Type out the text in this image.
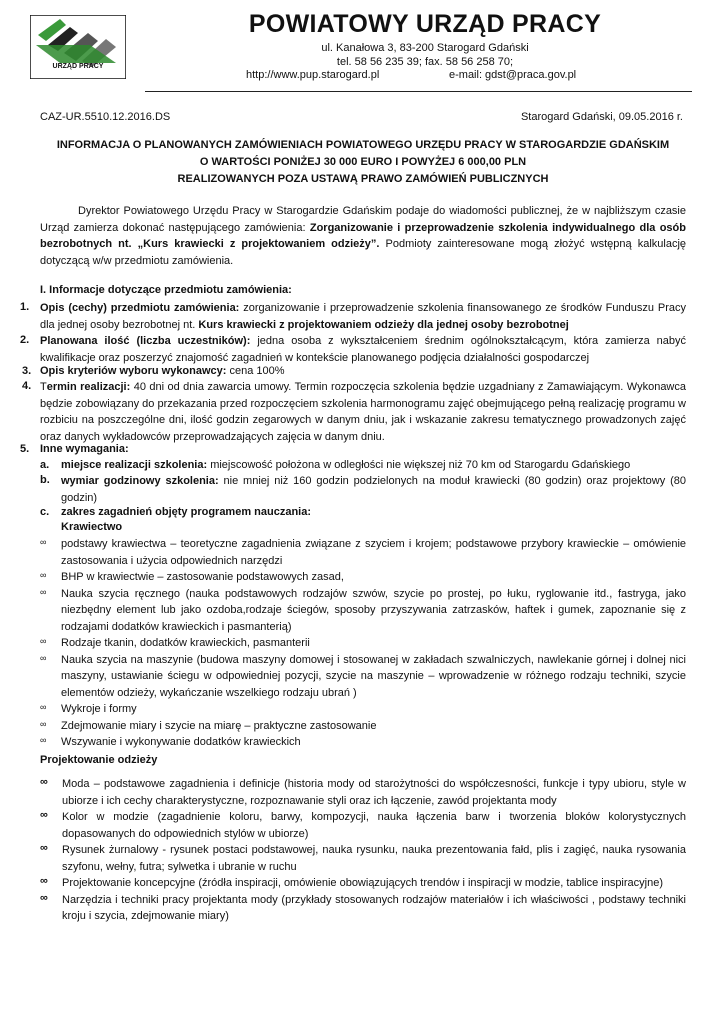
URZĄD PRACY
POWIATOWY URZĄD PRACY
ul. Kanałowa 3, 83-200 Starogard Gdański
tel. 58 56 235 39; fax. 58 56 258 70;
http://www.pup.starogard.pl	e-mail: gdst@praca.gov.pl
CAZ-UR.5510.12.2016.DS	Starogard Gdański, 09.05.2016 r.
INFORMACJA O PLANOWANYCH ZAMÓWIENIACH POWIATOWEGO URZĘDU PRACY W STAROGARDZIE GDAŃSKIM
O WARTOŚCI PONIŻEJ 30 000 EURO I POWYŻEJ 6 000,00 PLN
REALIZOWANYCH POZA USTAWĄ PRAWO ZAMÓWIEŃ PUBLICZNYCH
Dyrektor Powiatowego Urzędu Pracy w Starogardzie Gdańskim podaje do wiadomości publicznej, że w najbliższym czasie Urząd zamierza dokonać następującego zamówienia: Zorganizowanie i przeprowadzenie szkolenia indywidualnego dla osób bezrobotnych nt. „Kurs krawiecki z projektowaniem odzieży”. Podmioty zainteresowane mogą złożyć wstępną kalkulację dotyczącą w/w przedmiotu zamówienia.
I. Informacje dotyczące przedmiotu zamówienia:
1. Opis (cechy) przedmiotu zamówienia: zorganizowanie i przeprowadzenie szkolenia finansowanego ze środków Funduszu Pracy dla jednej osoby bezrobotnej nt. Kurs krawiecki z projektowaniem odzieży dla jednej osoby bezrobotnej
2. Planowana ilość (liczba uczestników): jedna osoba z wykształceniem średnim ogólnokształcącym, która zamierza nabyć kwalifikacje oraz poszerzyć znajomość zagadnień w kontekście planowanego podjęcia działalności gospodarczej
3. Opis kryteriów wyboru wykonawcy: cena 100%
4. Termin realizacji: 40 dni od dnia zawarcia umowy. Termin rozpoczęcia szkolenia będzie uzgadniany z Zamawiającym. Wykonawca będzie zobowiązany do przekazania przed rozpoczęciem szkolenia harmonogramu zajęć obejmującego pełną realizację programu w rozbiciu na poszczególne dni, ilość godzin zegarowych w danym dniu, jak i wskazanie zakresu tematycznego prowadzonych zajęć oraz danych wykładowców przeprowadzających zajęcia w danym dniu.
5. Inne wymagania:
a. miejsce realizacji szkolenia: miejscowość położona w odległości nie większej niż 70 km od Starogardu Gdańskiego
b. wymiar godzinowy szkolenia: nie mniej niż 160 godzin podzielonych na moduł krawiecki (80 godzin) oraz projektowy (80 godzin)
c. zakres zagadnień objęty programem nauczania:
Krawiectwo
∞ podstawy krawiectwa – teoretyczne zagadnienia związane z szyciem i krojem; podstawowe przybory krawieckie – omówienie zastosowania i użycia odpowiednich narzędzi

∞ BHP w krawiectwie – zastosowanie podstawowych zasad,

∞ Nauka szycia ręcznego (nauka podstawowych rodzajów szwów, szycie po prostej, po łuku, ryglowanie itd., fastryga, jako niezbędny element lub jako ozdoba,rodzaje ściegów, sposoby przyszywania zatrzasków, haftek i gumek, zapoznanie się z rodzajami dodatków krawieckich i pasmanterią)

∞ Rodzaje tkanin, dodatków krawieckich, pasmanterii

∞ Nauka szycia na maszynie (budowa maszyny domowej i stosowanej w zakładach szwalniczych, nawlekanie górnej i dolnej nici maszyny, ustawianie ściegu w odpowiedniej pozycji, szycie na maszynie – wprowadzenie w różnego rodzaju techniki, szycie elementów odzieży, wykańczanie wszelkiego rodzaju ubrań )

∞ Wykroje i formy

∞ Zdejmowanie miary i szycie na miarę – praktyczne zastosowanie

∞ Wszywanie i wykonywanie dodatków krawieckich

Projektowanie odzieży
∞ Moda – podstawowe zagadnienia i definicje (historia mody od starożytności do współczesności, funkcje i typy ubioru, style w ubiorze i ich cechy charakterystyczne, rozpoznawanie styli oraz ich łączenie, zawód projektanta mody

∞ Kolor w modzie (zagadnienie koloru, barwy, kompozycji, nauka łączenia barw i tworzenia bloków kolorystycznych dopasowanych do odpowiednich stylów w ubiorze)

∞ Rysunek żurnalowy - rysunek postaci podstawowej, nauka rysunku, nauka prezentowania fałd, plis i zagięć, nauka rysowania szyfonu, wełny, futra; sylwetka i ubranie w ruchu

∞ Projektowanie koncepcyjne (źródła inspiracji, omówienie obowiązujących trendów i inspiracji w modzie, tablice inspiracyjne)

∞ Narzędzia i techniki pracy projektanta mody (przykłady stosowanych rodzajów materiałów i ich właściwości , podstawy techniki kroju i szycia, zdejmowanie miary)
